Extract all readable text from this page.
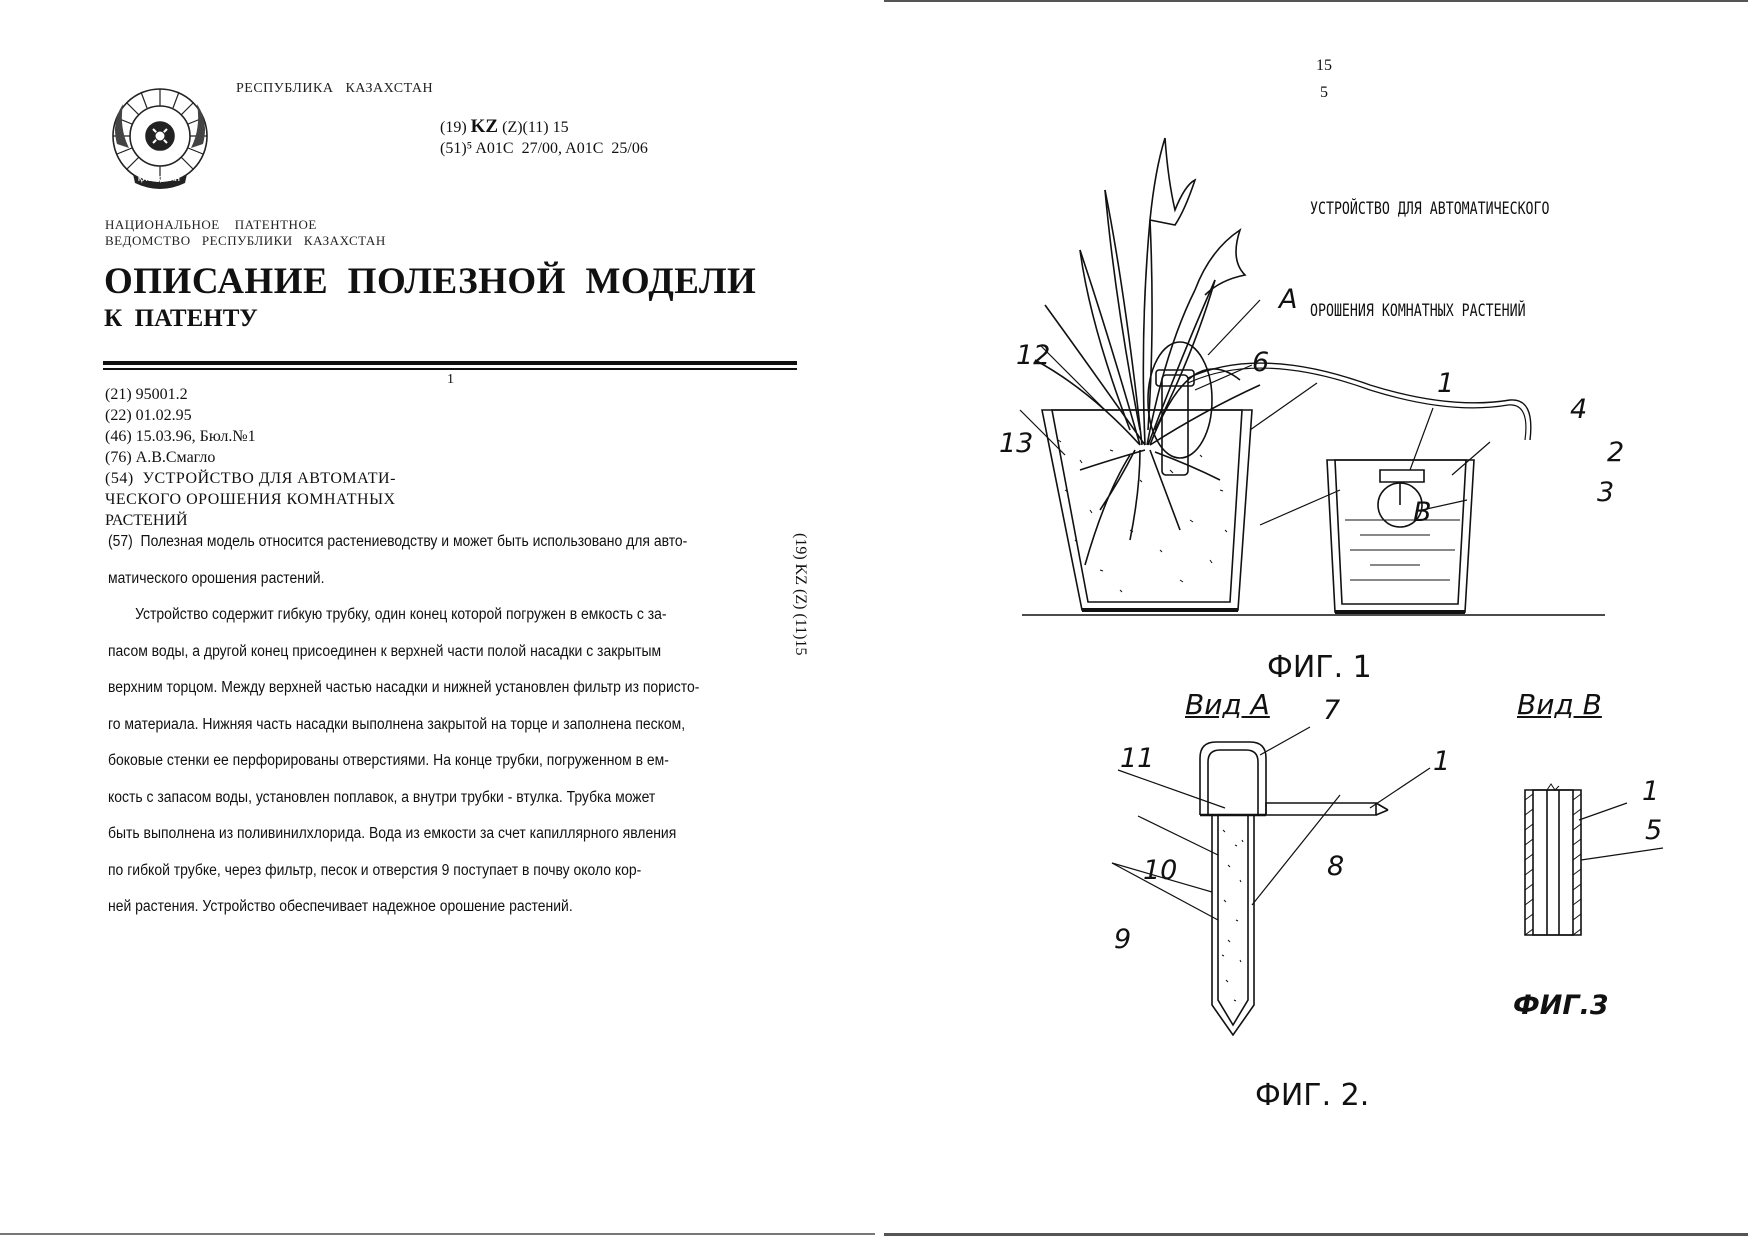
ҚАЗАҚСТАН
РЕСПУБЛИКА   КАЗАХСТАН
(19) KZ (Z)(11) 15
(51)⁵ A01C  27/00, A01C  25/06
НАЦИОНАЛЬНОЕ    ПАТЕНТНОЕ
ВЕДОМСТВО   РЕСПУБЛИКИ   КАЗАХСТАН
ОПИСАНИЕ  ПОЛЕЗНОЙ  МОДЕЛИ
К  ПАТЕНТУ
1
(21) 95001.2
(22) 01.02.95
(46) 15.03.96, Бюл.№1
(76) А.В.Смагло
(54)  УСТРОЙСТВО ДЛЯ АВТОМАТИ-
ЧЕСКОГО ОРОШЕНИЯ КОМНАТНЫХ
РАСТЕНИЙ
(57)  Полезная модель относится растениеводству и может быть использовано для авто-
матического орошения растений.
Устройство содержит гибкую трубку, один конец которой погружен в емкость с за-
пасом воды, а другой конец присоединен к верхней части полой насадки с закрытым
верхним торцом. Между верхней частью насадки и нижней установлен фильтр из пористо-
го материала. Нижняя часть насадки выполнена закрытой на торце и заполнена песком,
боковые стенки ее перфорированы отверстиями. На конце трубки, погруженном в ем-
кость с запасом воды, установлен поплавок, а внутри трубки - втулка. Трубка может
быть выполнена из поливинилхлорида. Вода из емкости за счет капиллярного явления
по гибкой трубке, через фильтр, песок и отверстия 9 поступает в почву около кор-
ней растения. Устройство обеспечивает надежное орошение растений.
(19) KZ (Z) (11)15
15
5

УСТРОЙСТВО ДЛЯ АВТОМАТИЧЕСКОГО

ОРОШЕНИЯ КОМНАТНЫХ РАСТЕНИЙ

A
6
12
13
1
4
2
3
B
ФИГ. 1
Вид A 7
11	1
10	8
9
ФИГ. 2.
Вид B
1
5
ФИГ.3
